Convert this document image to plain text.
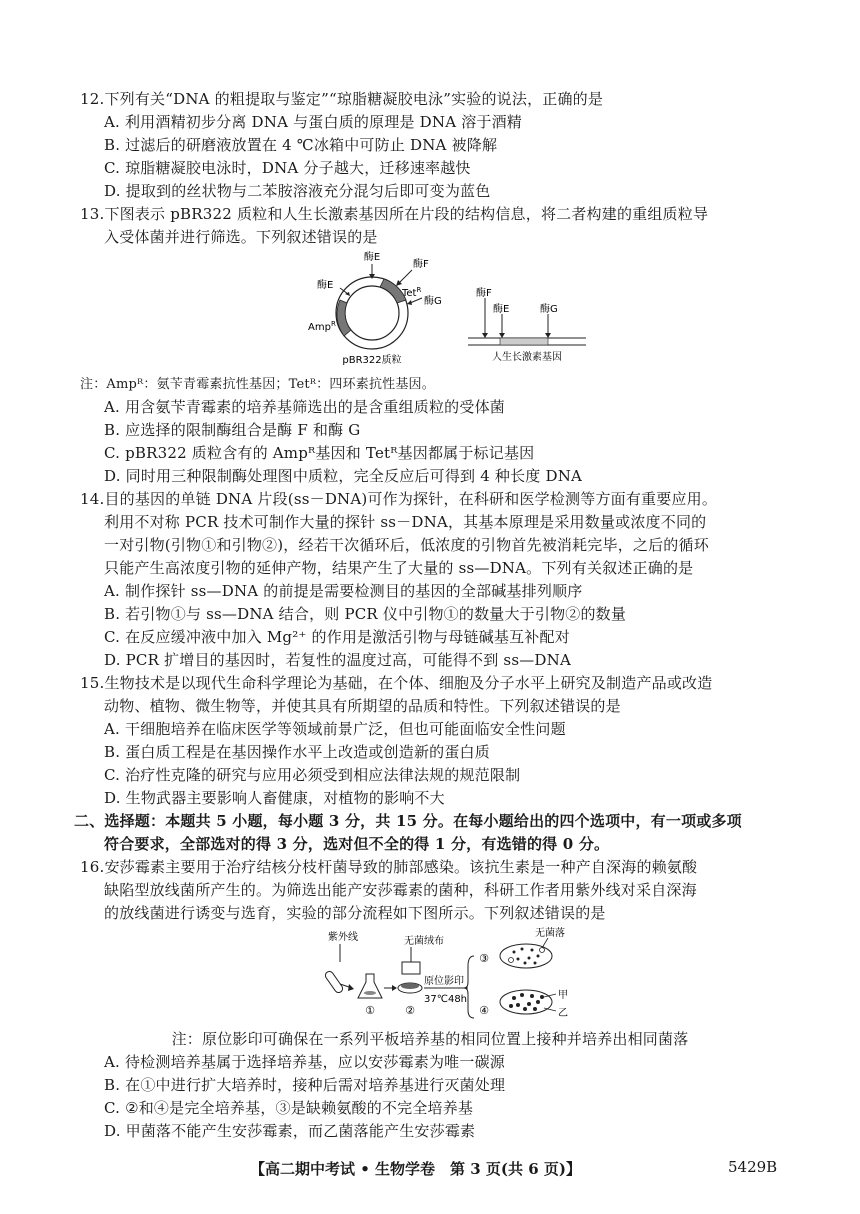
12.下列有关“DNA 的粗提取与鉴定”“琼脂糖凝胶电泳”实验的说法，正确的是
A. 利用酒精初步分离 DNA 与蛋白质的原理是 DNA 溶于酒精
B. 过滤后的研磨液放置在 4 ℃冰箱中可防止 DNA 被降解
C. 琼脂糖凝胶电泳时，DNA 分子越大，迁移速率越快
D. 提取到的丝状物与二苯胺溶液充分混匀后即可变为蓝色
13.下图表示 pBR322 质粒和人生长激素基因所在片段的结构信息，将二者构建的重组质粒导
入受体菌并进行筛选。下列叙述错误的是
酶E
酶F
酶E
Tet$^R$
酶G
Amp$^R$
pBR322质粒
酶F
酶E	酶G
人生长激素基因
注：Ampᴿ：氨苄青霉素抗性基因；Tetᴿ：四环素抗性基因。
A. 用含氨苄青霉素的培养基筛选出的是含重组质粒的受体菌
B. 应选择的限制酶组合是酶 F 和酶 G
C. pBR322 质粒含有的 Ampᴿ基因和 Tetᴿ基因都属于标记基因
D. 同时用三种限制酶处理图中质粒，完全反应后可得到 4 种长度 DNA
14.目的基因的单链 DNA 片段(ss－DNA)可作为探针，在科研和医学检测等方面有重要应用。
利用不对称 PCR 技术可制作大量的探针 ss－DNA，其基本原理是采用数量或浓度不同的
一对引物(引物①和引物②)，经若干次循环后，低浓度的引物首先被消耗完毕，之后的循环
只能产生高浓度引物的延伸产物，结果产生了大量的 ss—DNA。下列有关叙述正确的是
A. 制作探针 ss—DNA 的前提是需要检测目的基因的全部碱基排列顺序
B. 若引物①与 ss—DNA 结合，则 PCR 仪中引物①的数量大于引物②的数量
C. 在反应缓冲液中加入 Mg²⁺ 的作用是激活引物与母链碱基互补配对
D. PCR 扩增目的基因时，若复性的温度过高，可能得不到 ss—DNA
15.生物技术是以现代生命科学理论为基础，在个体、细胞及分子水平上研究及制造产品或改造
动物、植物、微生物等，并使其具有所期望的品质和特性。下列叙述错误的是
A. 干细胞培养在临床医学等领域前景广泛，但也可能面临安全性问题
B. 蛋白质工程是在基因操作水平上改造或创造新的蛋白质
C. 治疗性克隆的研究与应用必须受到相应法律法规的规范限制
D. 生物武器主要影响人畜健康，对植物的影响不大
二、选择题：本题共 5 小题，每小题 3 分，共 15 分。在每小题给出的四个选项中，有一项或多项
符合要求，全部选对的得 3 分，选对但不全的得 1 分，有选错的得 0 分。
16.安莎霉素主要用于治疗结核分枝杆菌导致的肺部感染。该抗生素是一种产自深海的赖氨酸
缺陷型放线菌所产生的。为筛选出能产安莎霉素的菌种，科研工作者用紫外线对采自深海
的放线菌进行诱变与选育，实验的部分流程如下图所示。下列叙述错误的是
紫外线	无菌绒布
无菌落
①	②
原位影印
37℃48h
③
④
甲
乙
注：原位影印可确保在一系列平板培养基的相同位置上接种并培养出相同菌落
A. 待检测培养基属于选择培养基，应以安莎霉素为唯一碳源
B. 在①中进行扩大培养时，接种后需对培养基进行灭菌处理
C. ②和④是完全培养基，③是缺赖氨酸的不完全培养基
D. 甲菌落不能产生安莎霉素，而乙菌落能产生安莎霉素
【高二期中考试 • 生物学卷　第 3 页(共 6 页)】	5429B
